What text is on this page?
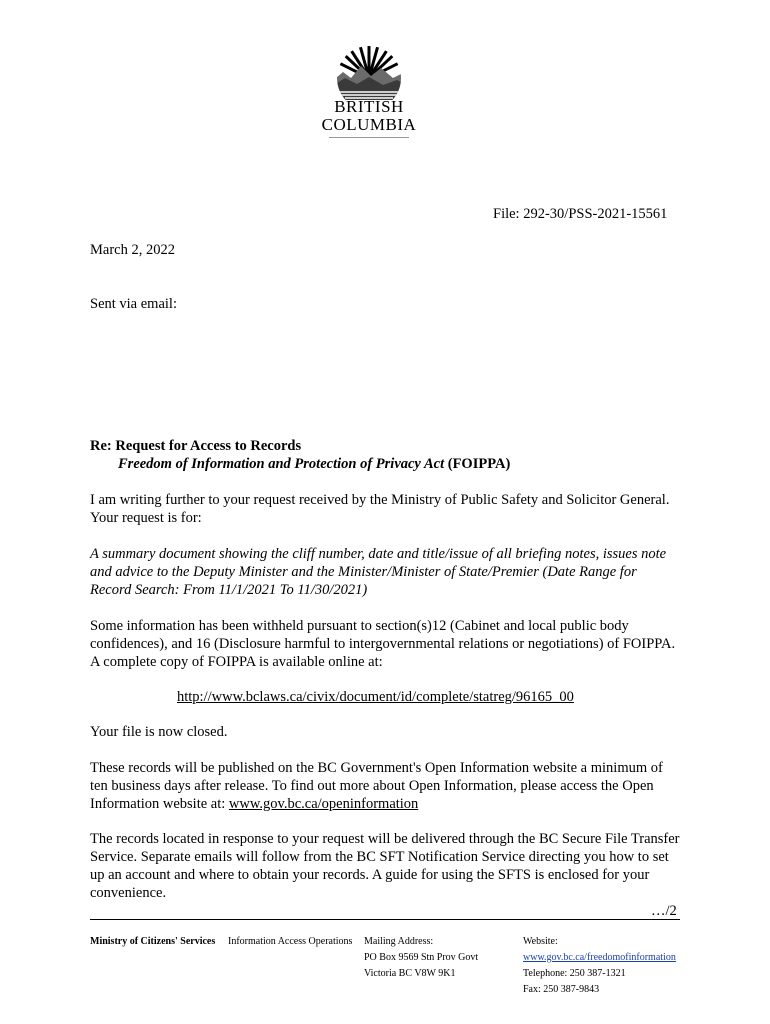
BRITISH
COLUMBIA
File: 292-30/PSS-2021-15561
March 2, 2022
Sent via email:
Re: Request for Access to Records
Freedom of Information and Protection of Privacy Act (FOIPPA)
I am writing further to your request received by the Ministry of Public Safety and Solicitor General. Your request is for:
A summary document showing the cliff number, date and title/issue of all briefing notes, issues note and advice to the Deputy Minister and the Minister/Minister of State/Premier (Date Range for Record Search: From 11/1/2021 To 11/30/2021)
Some information has been withheld pursuant to section(s)12 (Cabinet and local public body confidences), and 16 (Disclosure harmful to intergovernmental relations or negotiations) of FOIPPA. A complete copy of FOIPPA is available online at:
http://www.bclaws.ca/civix/document/id/complete/statreg/96165_00
Your file is now closed.
These records will be published on the BC Government's Open Information website a minimum of ten business days after release. To find out more about Open Information, please access the Open Information website at: www.gov.bc.ca/openinformation
The records located in response to your request will be delivered through the BC Secure File Transfer Service. Separate emails will follow from the BC SFT Notification Service directing you how to set up an account and where to obtain your records. A guide for using the SFTS is enclosed for your convenience.
…/2
Ministry of Citizens' Services Information Access Operations Mailing Address:
PO Box 9569 Stn Prov Govt
Victoria BC V8W 9K1
Website:
www.gov.bc.ca/freedomofinformation
Telephone: 250 387-1321
Fax: 250 387-9843
